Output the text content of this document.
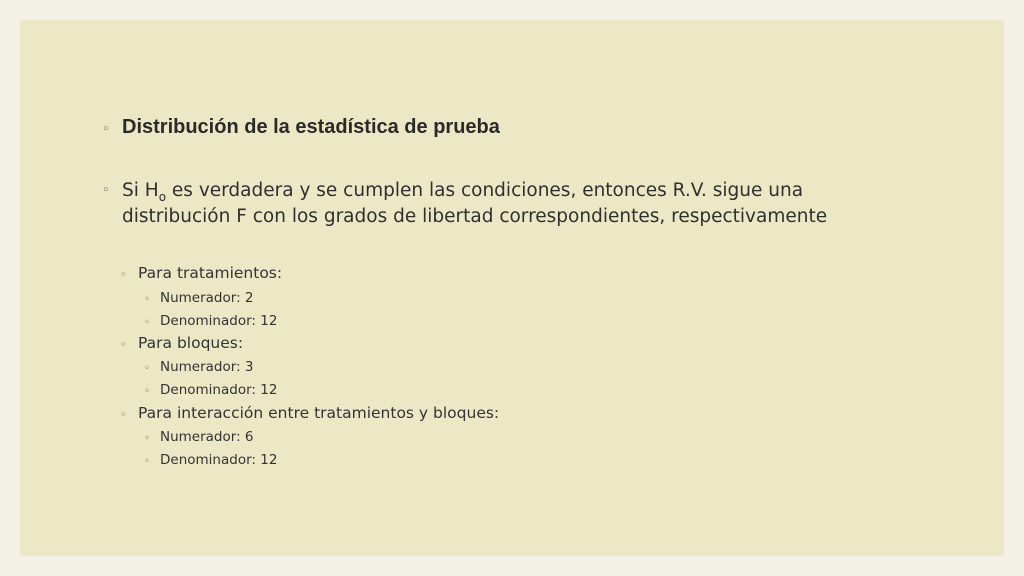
◦ Distribución de la estadística de prueba
◦ Si $H_o$ es verdadera y se cumplen las condiciones, entonces R.V. sigue una
distribución F con los grados de libertad correspondientes, respectivamente
◦ Para tratamientos:
◦ Numerador: 2
◦ Denominador: 12
◦ Para bloques:
◦ Numerador: 3
◦ Denominador: 12
◦ Para interacción entre tratamientos y bloques:
◦ Numerador: 6
◦ Denominador: 12
